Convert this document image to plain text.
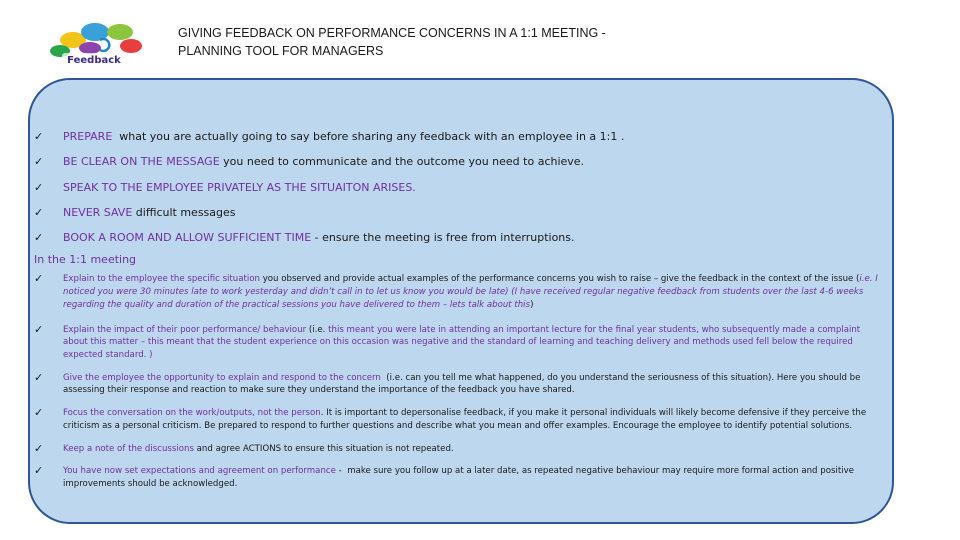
Feedback
GIVING FEEDBACK ON PERFORMANCE CONCERNS IN A 1:1 MEETING -
PLANNING TOOL FOR MANAGERS
✓ PREPARE  what you are actually going to say before sharing any feedback with an employee in a 1:1 .
✓ BE CLEAR ON THE MESSAGE you need to communicate and the outcome you need to achieve.
✓ SPEAK TO THE EMPLOYEE PRIVATELY AS THE SITUAITON ARISES.
✓ NEVER SAVE difficult messages
✓ BOOK A ROOM AND ALLOW SUFFICIENT TIME - ensure the meeting is free from interruptions.
In the 1:1 meeting
✓ Explain to the employee the specific situation you observed and provide actual examples of the performance concerns you wish to raise – give the feedback in the context of the issue (i.e. I noticed you were 30 minutes late to work yesterday and didn’t call in to let us know you would be late) (I have received regular negative feedback from students over the last 4-6 weeks regarding the quality and duration of the practical sessions you have delivered to them – lets talk about this)
✓ Explain the impact of their poor performance/ behaviour (i.e. this meant you were late in attending an important lecture for the final year students, who subsequently made a complaint about this matter – this meant that the student experience on this occasion was negative and the standard of learning and teaching delivery and methods used fell below the required expected standard. )
✓ Give the employee the opportunity to explain and respond to the concern  (i.e. can you tell me what happened, do you understand the seriousness of this situation). Here you should be assessing their response and reaction to make sure they understand the importance of the feedback you have shared.
✓ Focus the conversation on the work/outputs, not the person. It is important to depersonalise feedback, if you make it personal individuals will likely become defensive if they perceive the criticism as a personal criticism. Be prepared to respond to further questions and describe what you mean and offer examples. Encourage the employee to identify potential solutions.
✓ Keep a note of the discussions and agree ACTIONS to ensure this situation is not repeated.
✓ You have now set expectations and agreement on performance -  make sure you follow up at a later date, as repeated negative behaviour may require more formal action and positive improvements should be acknowledged.
